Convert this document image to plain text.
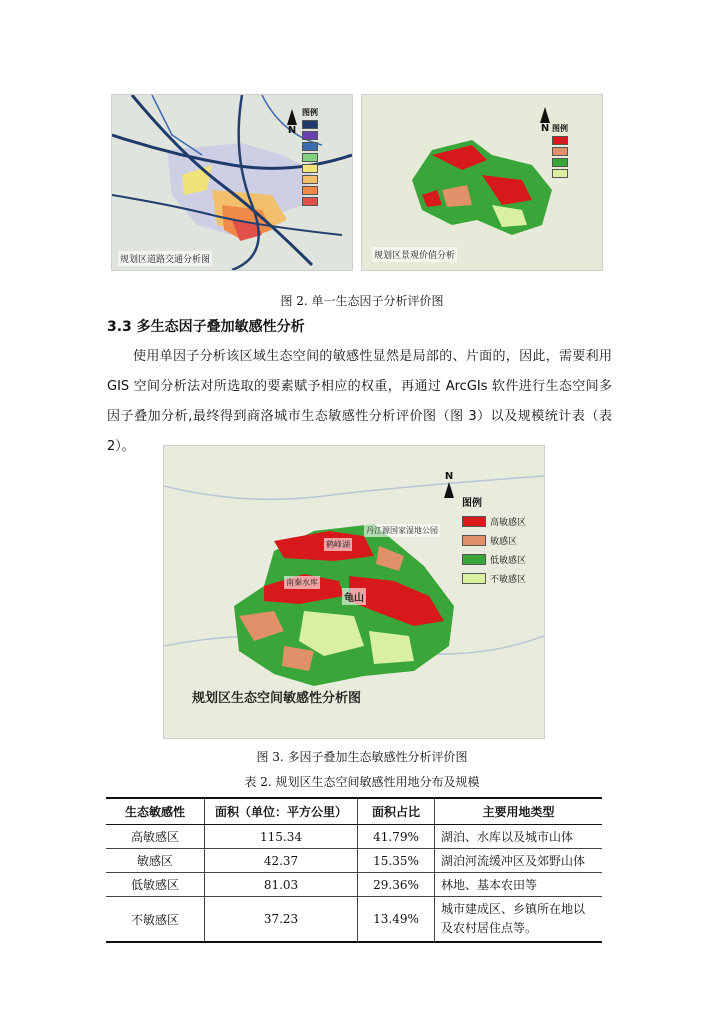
N
图例
规划区道路交通分析图
N 图例
规划区景观价值分析
图 2. 单一生态因子分析评价图
3.3 多生态因子叠加敏感性分析
使用单因子分析该区域生态空间的敏感性显然是局部的、片面的，因此，需要利用 GIS 空间分析法对所选取的要素赋予相应的权重，再通过 ArcGIs 软件进行生态空间多因子叠加分析,最终得到商洛城市生态敏感性分析评价图（图 3）以及规模统计表（表 2）。
N
图例
高敏感区
敏感区
低敏感区
不敏感区
丹江源国家湿地公园
鹤峰湖
南秦水库
龟山
规划区生态空间敏感性分析图
图 3. 多因子叠加生态敏感性分析评价图
表 2. 规划区生态空间敏感性用地分布及规模
生态敏感性	面积（单位：平方公里）	面积占比	主要用地类型
高敏感区	115.34	41.79%	湖泊、水库以及城市山体
敏感区	42.37	15.35%	湖泊河流缓冲区及郊野山体
低敏感区	81.03	29.36%	林地、基本农田等
不敏感区	37.23	13.49%	城市建成区、乡镇所在地以及农村居住点等。
